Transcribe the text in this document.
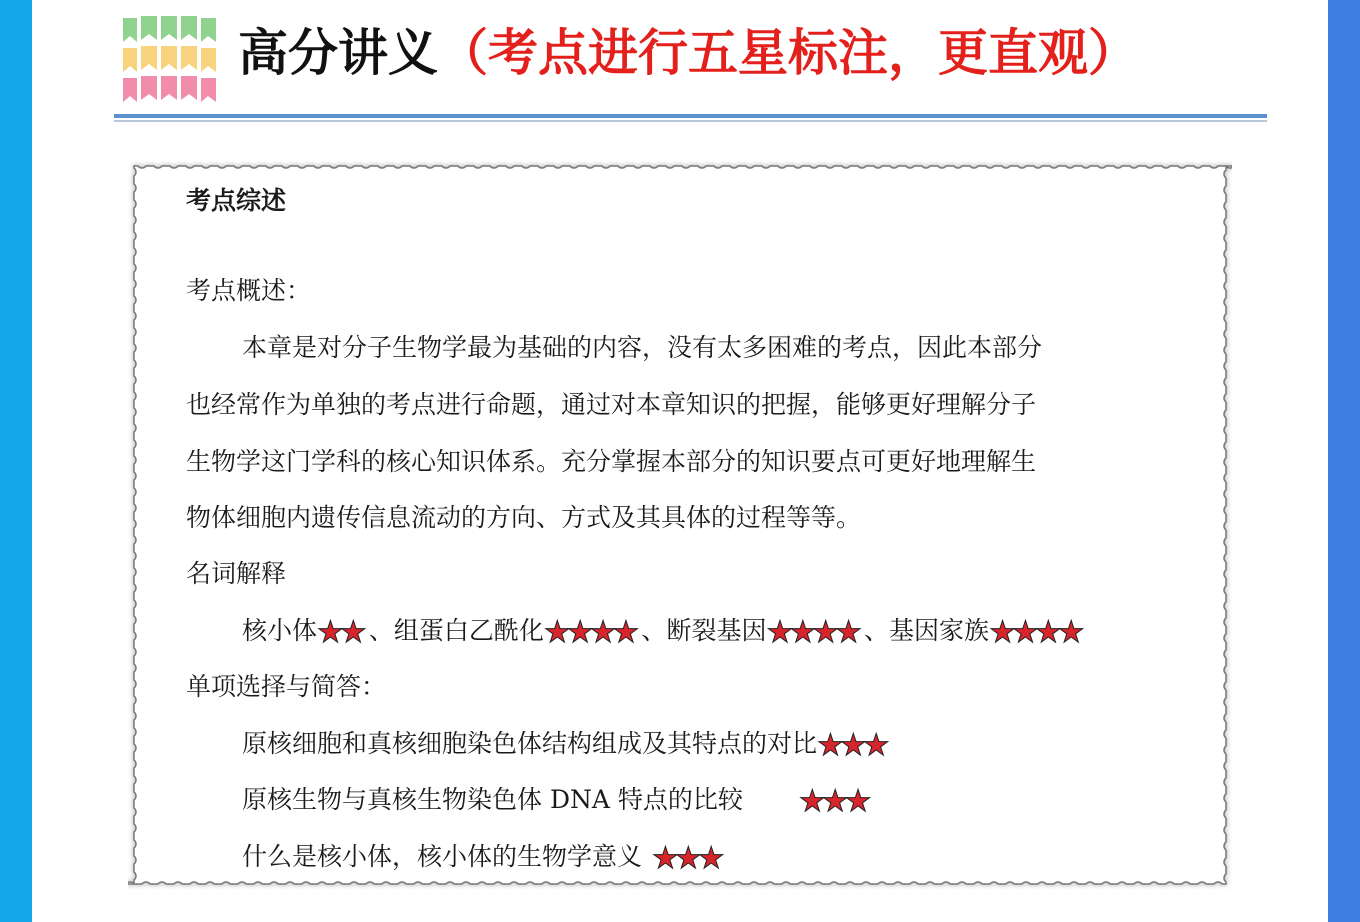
高分讲义（考点进行五星标注，更直观）
考点综述
考点概述：
本章是对分子生物学最为基础的内容，没有太多困难的考点，因此本部分
也经常作为单独的考点进行命题，通过对本章知识的把握，能够更好理解分子
生物学这门学科的核心知识体系。充分掌握本部分的知识要点可更好地理解生
物体细胞内遗传信息流动的方向、方式及其具体的过程等等。
名词解释
核小体★★ 、组蛋白乙酰化★★★★、断裂基因★★★★、基因家族★★★★
单项选择与简答：
原核细胞和真核细胞染色体结构组成及其特点的对比★★★
原核生物与真核生物染色体 DNA 特点的比较 ★★★
什么是核小体，核小体的生物学意义 ★★★
